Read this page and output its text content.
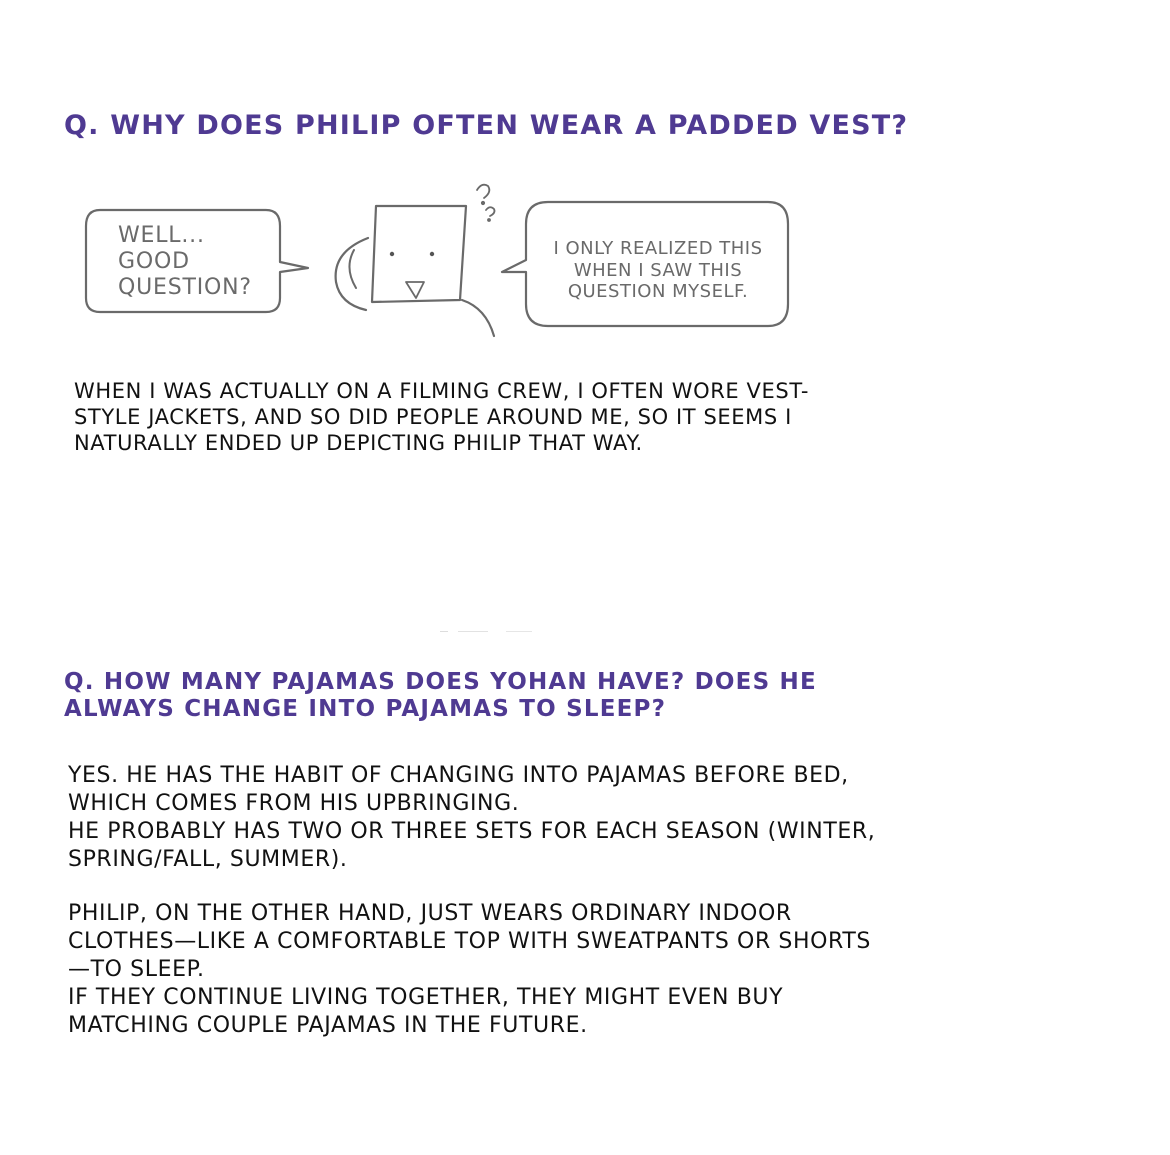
Q. WHY DOES PHILIP OFTEN WEAR A PADDED VEST?
WELL...
GOOD
QUESTION?
I ONLY REALIZED THIS
WHEN I SAW THIS
QUESTION MYSELF.
WHEN I WAS ACTUALLY ON A FILMING CREW, I OFTEN WORE VEST-
STYLE JACKETS, AND SO DID PEOPLE AROUND ME, SO IT SEEMS I
NATURALLY ENDED UP DEPICTING PHILIP THAT WAY.
Q. HOW MANY PAJAMAS DOES YOHAN HAVE? DOES HE
ALWAYS CHANGE INTO PAJAMAS TO SLEEP?
YES. HE HAS THE HABIT OF CHANGING INTO PAJAMAS BEFORE BED,
WHICH COMES FROM HIS UPBRINGING.
HE PROBABLY HAS TWO OR THREE SETS FOR EACH SEASON (WINTER,
SPRING/FALL, SUMMER).
PHILIP, ON THE OTHER HAND, JUST WEARS ORDINARY INDOOR
CLOTHES—LIKE A COMFORTABLE TOP WITH SWEATPANTS OR SHORTS
—TO SLEEP.
IF THEY CONTINUE LIVING TOGETHER, THEY MIGHT EVEN BUY
MATCHING COUPLE PAJAMAS IN THE FUTURE.
